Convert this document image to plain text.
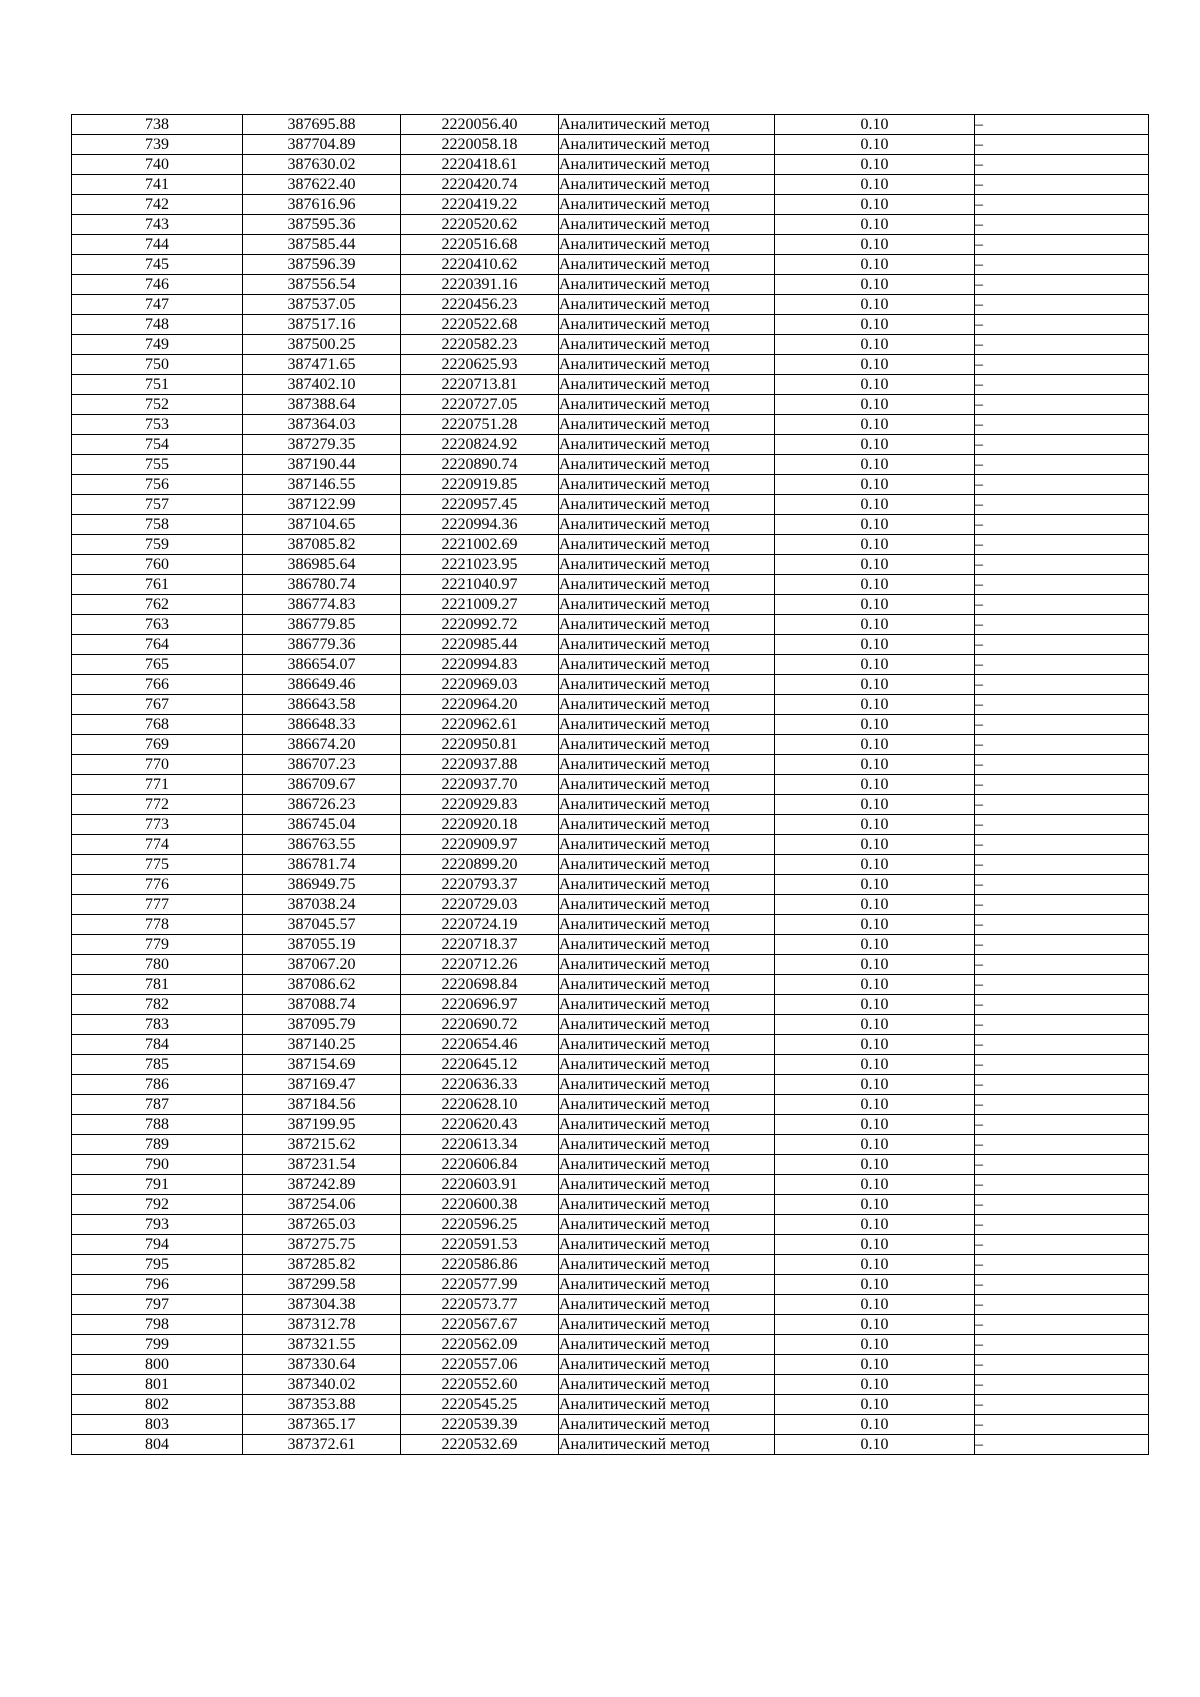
738	387695.88	2220056.40	Аналитический метод	0.10	–
739	387704.89	2220058.18	Аналитический метод	0.10	–
740	387630.02	2220418.61	Аналитический метод	0.10	–
741	387622.40	2220420.74	Аналитический метод	0.10	–
742	387616.96	2220419.22	Аналитический метод	0.10	–
743	387595.36	2220520.62	Аналитический метод	0.10	–
744	387585.44	2220516.68	Аналитический метод	0.10	–
745	387596.39	2220410.62	Аналитический метод	0.10	–
746	387556.54	2220391.16	Аналитический метод	0.10	–
747	387537.05	2220456.23	Аналитический метод	0.10	–
748	387517.16	2220522.68	Аналитический метод	0.10	–
749	387500.25	2220582.23	Аналитический метод	0.10	–
750	387471.65	2220625.93	Аналитический метод	0.10	–
751	387402.10	2220713.81	Аналитический метод	0.10	–
752	387388.64	2220727.05	Аналитический метод	0.10	–
753	387364.03	2220751.28	Аналитический метод	0.10	–
754	387279.35	2220824.92	Аналитический метод	0.10	–
755	387190.44	2220890.74	Аналитический метод	0.10	–
756	387146.55	2220919.85	Аналитический метод	0.10	–
757	387122.99	2220957.45	Аналитический метод	0.10	–
758	387104.65	2220994.36	Аналитический метод	0.10	–
759	387085.82	2221002.69	Аналитический метод	0.10	–
760	386985.64	2221023.95	Аналитический метод	0.10	–
761	386780.74	2221040.97	Аналитический метод	0.10	–
762	386774.83	2221009.27	Аналитический метод	0.10	–
763	386779.85	2220992.72	Аналитический метод	0.10	–
764	386779.36	2220985.44	Аналитический метод	0.10	–
765	386654.07	2220994.83	Аналитический метод	0.10	–
766	386649.46	2220969.03	Аналитический метод	0.10	–
767	386643.58	2220964.20	Аналитический метод	0.10	–
768	386648.33	2220962.61	Аналитический метод	0.10	–
769	386674.20	2220950.81	Аналитический метод	0.10	–
770	386707.23	2220937.88	Аналитический метод	0.10	–
771	386709.67	2220937.70	Аналитический метод	0.10	–
772	386726.23	2220929.83	Аналитический метод	0.10	–
773	386745.04	2220920.18	Аналитический метод	0.10	–
774	386763.55	2220909.97	Аналитический метод	0.10	–
775	386781.74	2220899.20	Аналитический метод	0.10	–
776	386949.75	2220793.37	Аналитический метод	0.10	–
777	387038.24	2220729.03	Аналитический метод	0.10	–
778	387045.57	2220724.19	Аналитический метод	0.10	–
779	387055.19	2220718.37	Аналитический метод	0.10	–
780	387067.20	2220712.26	Аналитический метод	0.10	–
781	387086.62	2220698.84	Аналитический метод	0.10	–
782	387088.74	2220696.97	Аналитический метод	0.10	–
783	387095.79	2220690.72	Аналитический метод	0.10	–
784	387140.25	2220654.46	Аналитический метод	0.10	–
785	387154.69	2220645.12	Аналитический метод	0.10	–
786	387169.47	2220636.33	Аналитический метод	0.10	–
787	387184.56	2220628.10	Аналитический метод	0.10	–
788	387199.95	2220620.43	Аналитический метод	0.10	–
789	387215.62	2220613.34	Аналитический метод	0.10	–
790	387231.54	2220606.84	Аналитический метод	0.10	–
791	387242.89	2220603.91	Аналитический метод	0.10	–
792	387254.06	2220600.38	Аналитический метод	0.10	–
793	387265.03	2220596.25	Аналитический метод	0.10	–
794	387275.75	2220591.53	Аналитический метод	0.10	–
795	387285.82	2220586.86	Аналитический метод	0.10	–
796	387299.58	2220577.99	Аналитический метод	0.10	–
797	387304.38	2220573.77	Аналитический метод	0.10	–
798	387312.78	2220567.67	Аналитический метод	0.10	–
799	387321.55	2220562.09	Аналитический метод	0.10	–
800	387330.64	2220557.06	Аналитический метод	0.10	–
801	387340.02	2220552.60	Аналитический метод	0.10	–
802	387353.88	2220545.25	Аналитический метод	0.10	–
803	387365.17	2220539.39	Аналитический метод	0.10	–
804	387372.61	2220532.69	Аналитический метод	0.10	–
